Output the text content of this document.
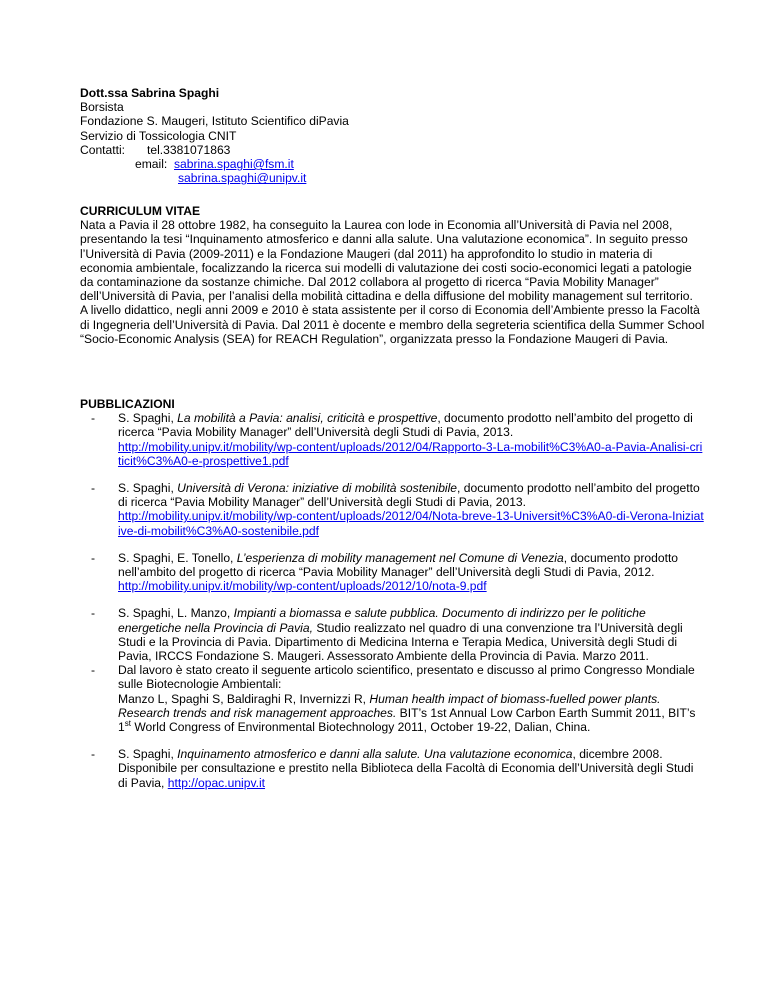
Dott.ssa Sabrina Spaghi
Borsista
Fondazione S. Maugeri, Istituto Scientifico diPavia
Servizio di Tossicologia CNIT
Contatti: tel.3381071863
email: sabrina.spaghi@fsm.it
sabrina.spaghi@unipv.it
CURRICULUM VITAE

Nata a Pavia il 28 ottobre 1982, ha conseguito la Laurea con lode in Economia all’Università di Pavia nel 2008, presentando la tesi “Inquinamento atmosferico e danni alla salute. Una valutazione economica”. In seguito presso l’Università di Pavia (2009-2011) e la Fondazione Maugeri (dal 2011) ha approfondito lo studio in materia di economia ambientale, focalizzando la ricerca sui modelli di valutazione dei costi socio-economici legati a patologie da contaminazione da sostanze chimiche. Dal 2012 collabora al progetto di ricerca “Pavia Mobility Manager” dell’Università di Pavia, per l’analisi della mobilità cittadina e della diffusione del mobility management sul territorio.

A livello didattico, negli anni 2009 e 2010 è stata assistente per il corso di Economia dell’Ambiente presso la Facoltà di Ingegneria dell’Università di Pavia. Dal 2011 è docente e membro della segreteria scientifica della Summer School “Socio-Economic Analysis (SEA) for REACH Regulation”, organizzata presso la Fondazione Maugeri di Pavia.

PUBBLICAZIONI
- S. Spaghi, La mobilità a Pavia: analisi, criticità e prospettive, documento prodotto nell’ambito del progetto di ricerca “Pavia Mobility Manager” dell’Università degli Studi di Pavia, 2013.
http://mobility.unipv.it/mobility/wp-content/uploads/2012/04/Rapporto-3-La-mobilit%C3%A0-a-Pavia-Analisi-criticit%C3%A0-e-prospettive1.pdf
- S. Spaghi, Università di Verona: iniziative di mobilità sostenibile, documento prodotto nell’ambito del progetto di ricerca “Pavia Mobility Manager” dell’Università degli Studi di Pavia, 2013.
http://mobility.unipv.it/mobility/wp-content/uploads/2012/04/Nota-breve-13-Universit%C3%A0-di-Verona-Iniziative-di-mobilit%C3%A0-sostenibile.pdf
- S. Spaghi, E. Tonello, L’esperienza di mobility management nel Comune di Venezia, documento prodotto nell’ambito del progetto di ricerca “Pavia Mobility Manager” dell’Università degli Studi di Pavia, 2012.
http://mobility.unipv.it/mobility/wp-content/uploads/2012/10/nota-9.pdf
- S. Spaghi, L. Manzo, Impianti a biomassa e salute pubblica. Documento di indirizzo per le politiche energetiche nella Provincia di Pavia, Studio realizzato nel quadro di una convenzione tra l’Università degli Studi e la Provincia di Pavia. Dipartimento di Medicina Interna e Terapia Medica, Università degli Studi di Pavia, IRCCS Fondazione S. Maugeri. Assessorato Ambiente della Provincia di Pavia. Marzo 2011.
- Dal lavoro è stato creato il seguente articolo scientifico, presentato e discusso al primo Congresso Mondiale sulle Biotecnologie Ambientali:
Manzo L, Spaghi S, Baldiraghi R, Invernizzi R, Human health impact of biomass-fuelled power plants. Research trends and risk management approaches. BIT’s 1st Annual Low Carbon Earth Summit 2011, BIT’s 1st World Congress of Environmental Biotechnology 2011, October 19-22, Dalian, China.
- S. Spaghi, Inquinamento atmosferico e danni alla salute. Una valutazione economica, dicembre 2008.
Disponibile per consultazione e prestito nella Biblioteca della Facoltà di Economia dell’Università degli Studi di Pavia, http://opac.unipv.it
